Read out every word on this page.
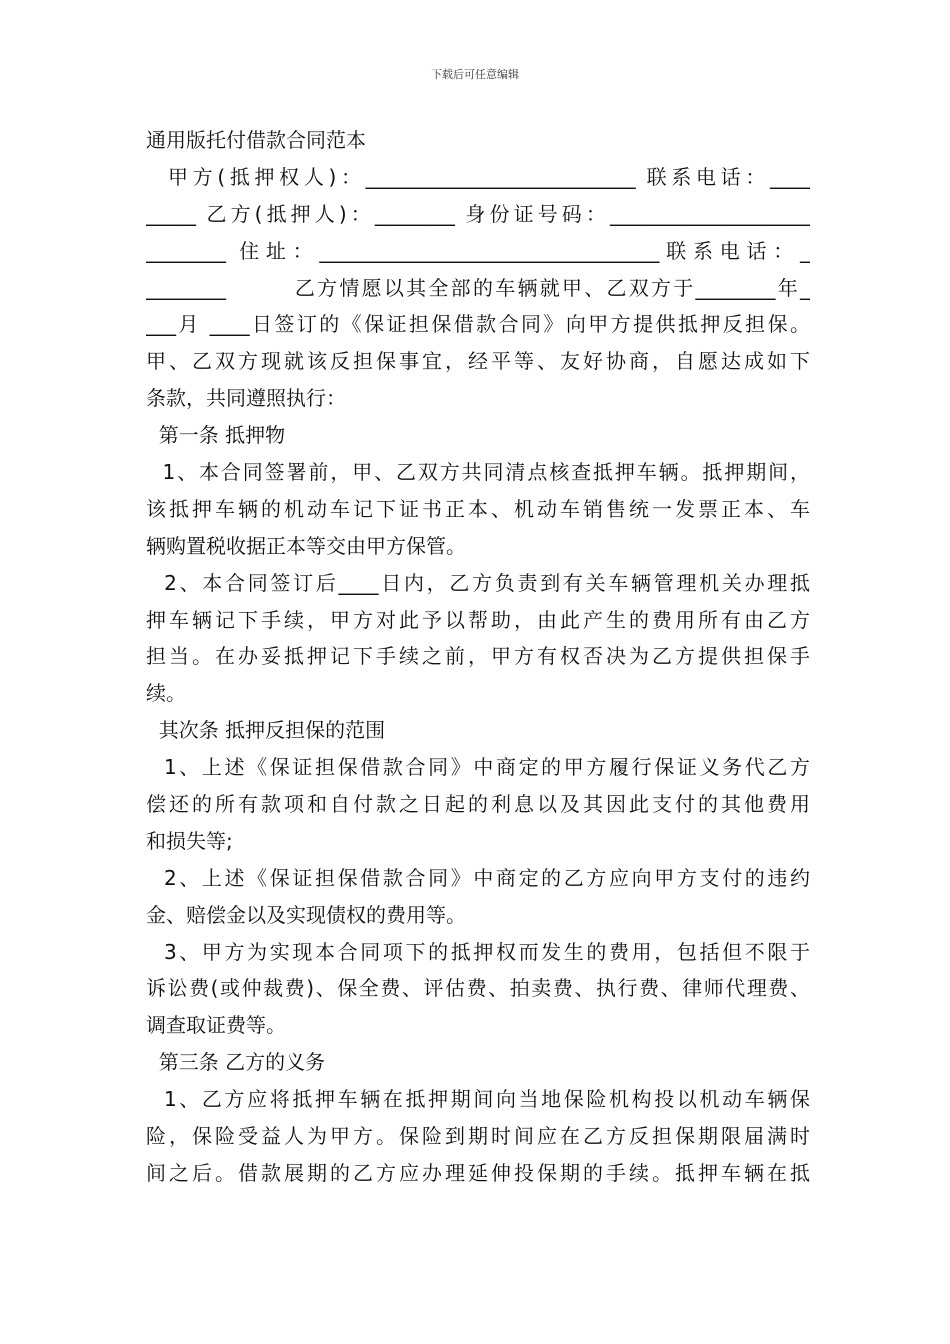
下载后可任意编辑
通用版托付借款合同范本
甲方(抵押权人)：___________________________ 联系电话：____
_____ 乙方(抵押人)：________ 身份证号码：____________________
________ 住址：__________________________________联系电话：_
________        乙方情愿以其全部的车辆就甲、乙双方于________年_
___月 ____日签订的《保证担保借款合同》向甲方提供抵押反担保。
甲、乙双方现就该反担保事宜，经平等、友好协商，自愿达成如下
条款，共同遵照执行：
第一条 抵押物
1、本合同签署前，甲、乙双方共同清点核查抵押车辆。抵押期间，
该抵押车辆的机动车记下证书正本、机动车销售统一发票正本、车
辆购置税收据正本等交由甲方保管。
2、本合同签订后____日内，乙方负责到有关车辆管理机关办理抵
押车辆记下手续，甲方对此予以帮助，由此产生的费用所有由乙方
担当。在办妥抵押记下手续之前，甲方有权否决为乙方提供担保手
续。
其次条 抵押反担保的范围
1、上述《保证担保借款合同》中商定的甲方履行保证义务代乙方
偿还的所有款项和自付款之日起的利息以及其因此支付的其他费用
和损失等;
2、上述《保证担保借款合同》中商定的乙方应向甲方支付的违约
金、赔偿金以及实现债权的费用等。
3、甲方为实现本合同项下的抵押权而发生的费用，包括但不限于
诉讼费(或仲裁费)、保全费、评估费、拍卖费、执行费、律师代理费、
调查取证费等。
第三条 乙方的义务
1、乙方应将抵押车辆在抵押期间向当地保险机构投以机动车辆保
险，保险受益人为甲方。保险到期时间应在乙方反担保期限届满时
间之后。借款展期的乙方应办理延伸投保期的手续。抵押车辆在抵
